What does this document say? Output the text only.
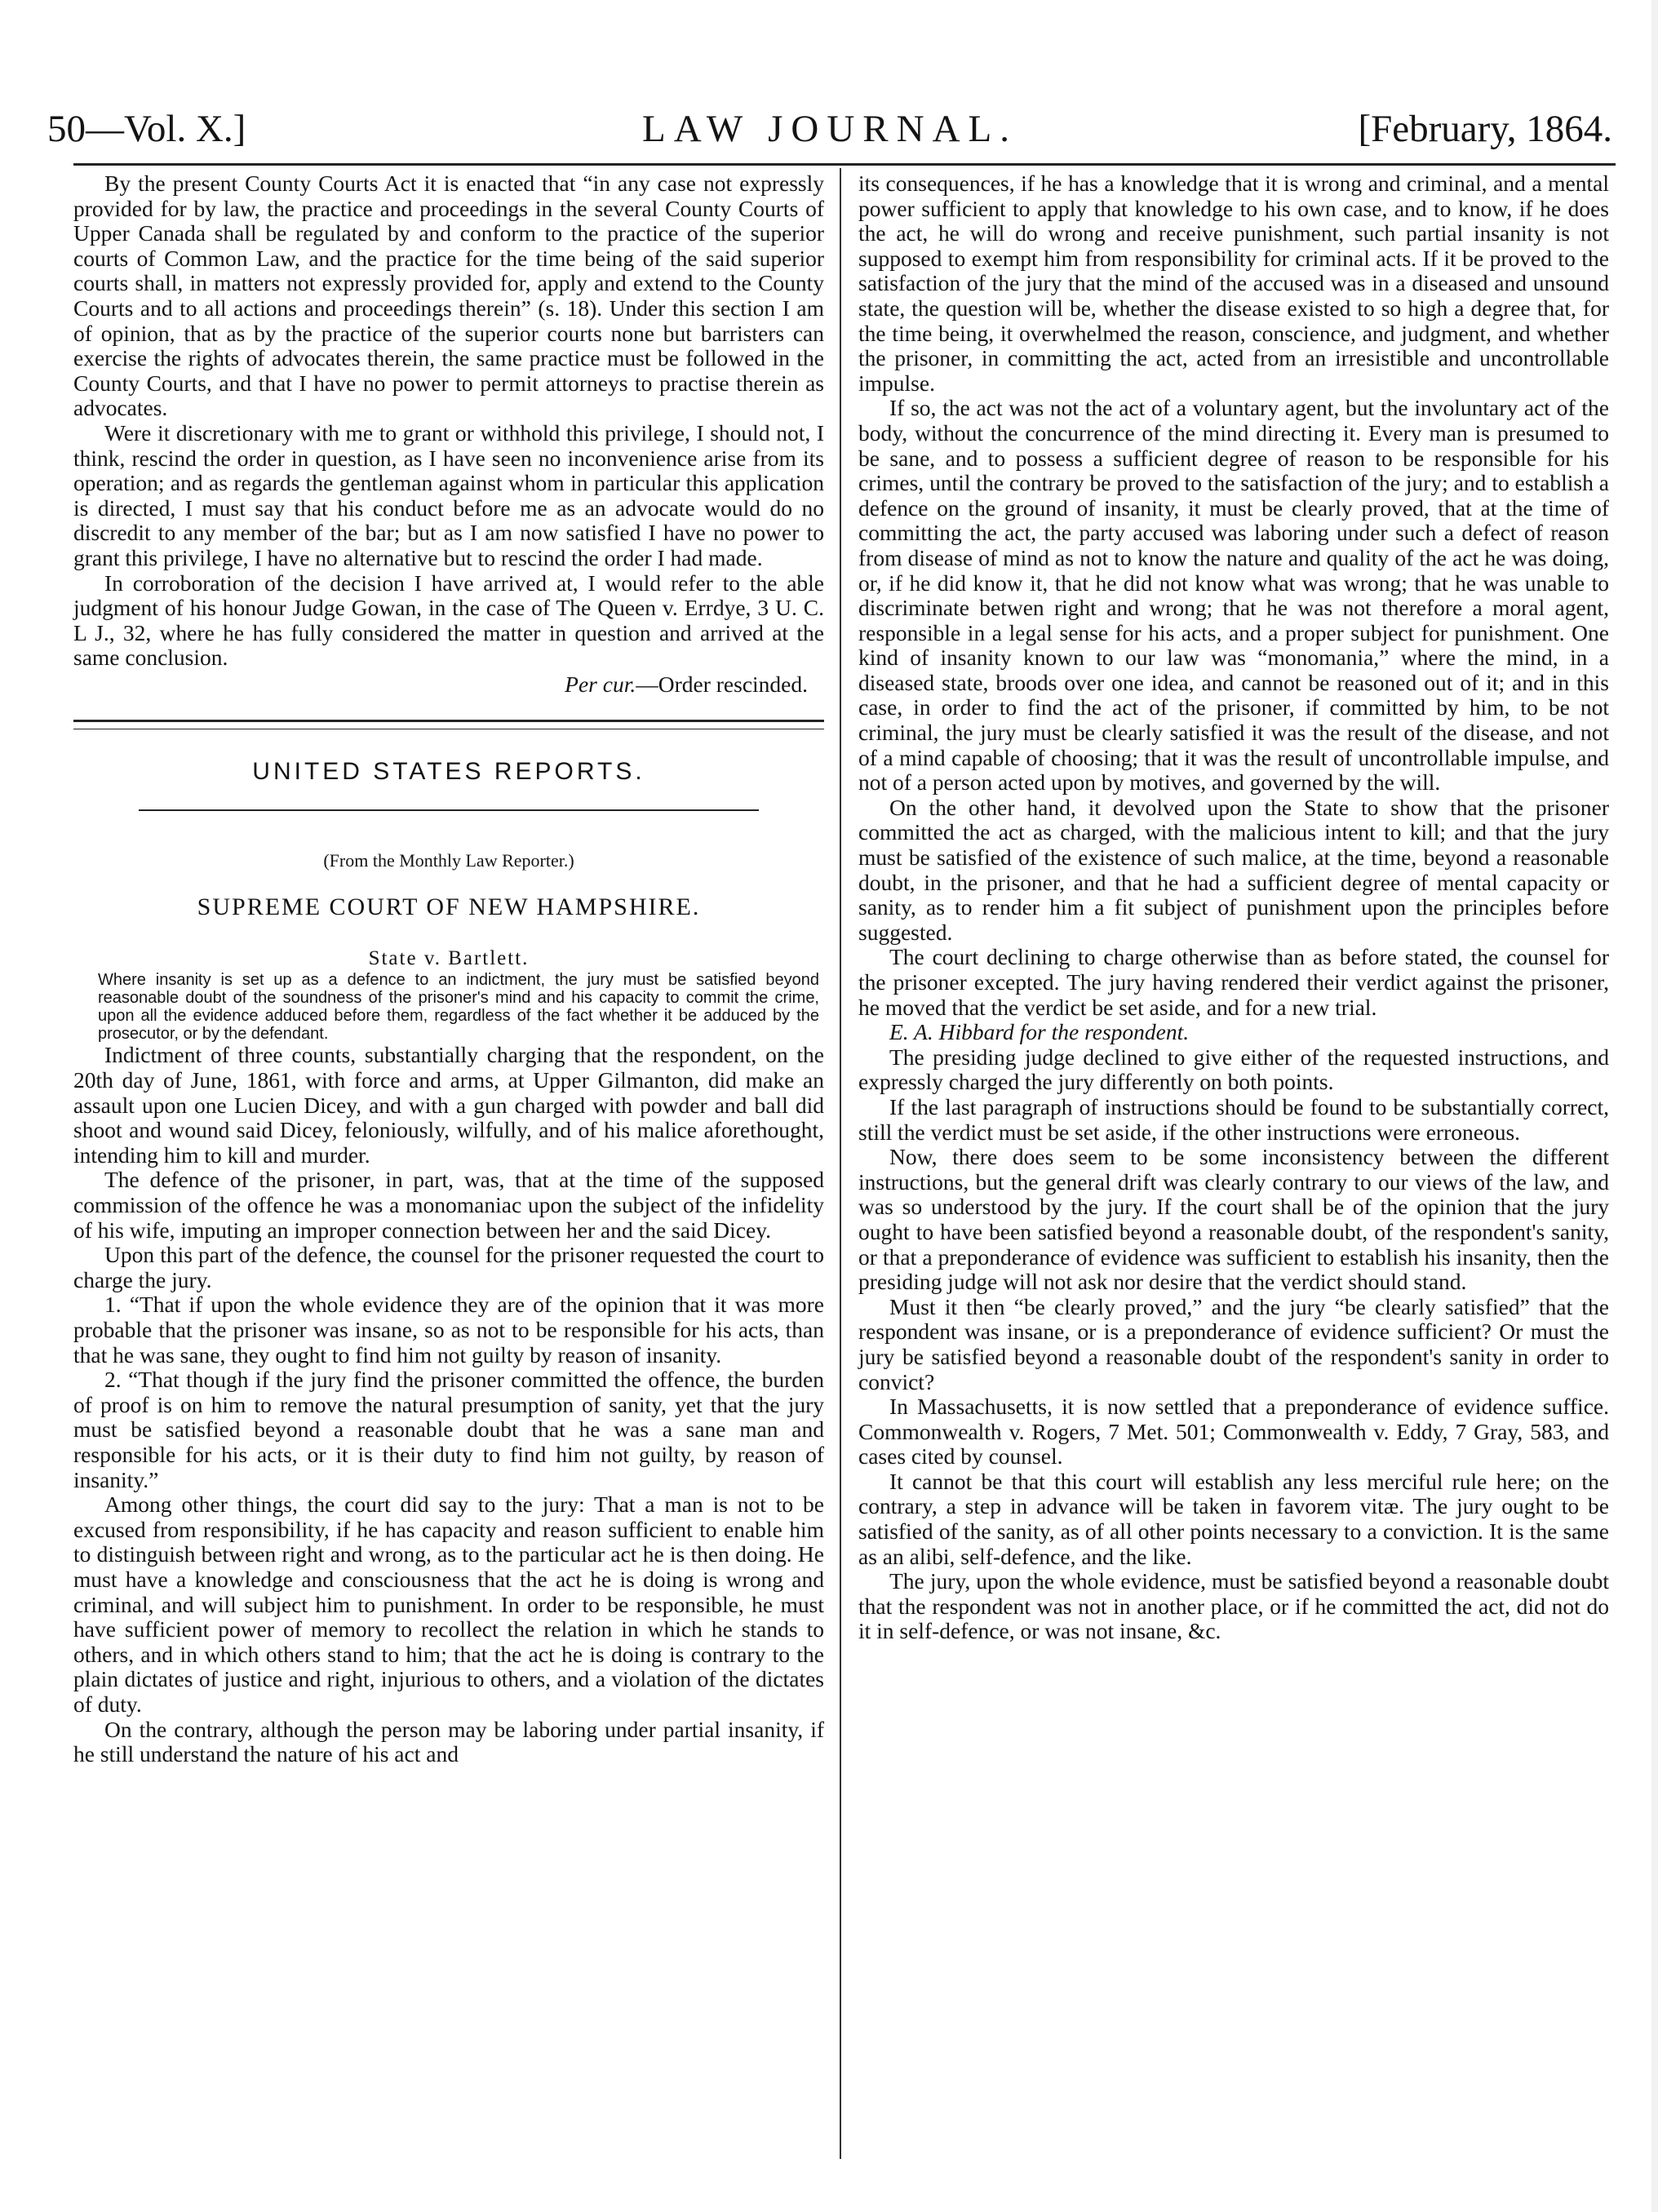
50—Vol. X.]	LAW JOURNAL.	[February, 1864.

By the present County Courts Act it is enacted that “in any case not expressly provided for by law, the practice and proceedings in the several County Courts of Upper Canada shall be regulated by and conform to the practice of the superior courts of Common Law, and the practice for the time being of the said superior courts shall, in matters not expressly provided for, apply and extend to the County Courts and to all actions and proceedings therein” (s. 18). Under this section I am of opinion, that as by the practice of the superior courts none but barristers can exercise the rights of advocates therein, the same practice must be followed in the County Courts, and that I have no power to permit attorneys to practise therein as advocates.

Were it discretionary with me to grant or withhold this privilege, I should not, I think, rescind the order in question, as I have seen no inconvenience arise from its operation; and as regards the gentleman against whom in particular this application is directed, I must say that his conduct before me as an advocate would do no discredit to any member of the bar; but as I am now satisfied I have no power to grant this privilege, I have no alternative but to rescind the order I had made.

In corroboration of the decision I have arrived at, I would refer to the able judgment of his honour Judge Gowan, in the case of The Queen v. Errdye, 3 U. C. L J., 32, where he has fully considered the matter in question and arrived at the same conclusion.

Per cur.—Order rescinded.
UNITED STATES REPORTS.
(From the Monthly Law Reporter.)
SUPREME COURT OF NEW HAMPSHIRE.
State v. Bartlett.

Where insanity is set up as a defence to an indictment, the jury must be satisfied beyond reasonable doubt of the soundness of the prisoner's mind and his capacity to commit the crime, upon all the evidence adduced before them, regardless of the fact whether it be adduced by the prosecutor, or by the defendant.

Indictment of three counts, substantially charging that the respondent, on the 20th day of June, 1861, with force and arms, at Upper Gilmanton, did make an assault upon one Lucien Dicey, and with a gun charged with powder and ball did shoot and wound said Dicey, feloniously, wilfully, and of his malice aforethought, intending him to kill and murder.

The defence of the prisoner, in part, was, that at the time of the supposed commission of the offence he was a monomaniac upon the subject of the infidelity of his wife, imputing an improper connection between her and the said Dicey.

Upon this part of the defence, the counsel for the prisoner requested the court to charge the jury.

1. “That if upon the whole evidence they are of the opinion that it was more probable that the prisoner was insane, so as not to be responsible for his acts, than that he was sane, they ought to find him not guilty by reason of insanity.

2. “That though if the jury find the prisoner committed the offence, the burden of proof is on him to remove the natural presumption of sanity, yet that the jury must be satisfied beyond a reasonable doubt that he was a sane man and responsible for his acts, or it is their duty to find him not guilty, by reason of insanity.”

Among other things, the court did say to the jury: That a man is not to be excused from responsibility, if he has capacity and reason sufficient to enable him to distinguish between right and wrong, as to the particular act he is then doing. He must have a knowledge and consciousness that the act he is doing is wrong and criminal, and will subject him to punishment. In order to be responsible, he must have sufficient power of memory to recollect the relation in which he stands to others, and in which others stand to him; that the act he is doing is contrary to the plain dictates of justice and right, injurious to others, and a violation of the dictates of duty.

On the contrary, although the person may be laboring under partial insanity, if he still understand the nature of his act and

its consequences, if he has a knowledge that it is wrong and criminal, and a mental power sufficient to apply that knowledge to his own case, and to know, if he does the act, he will do wrong and receive punishment, such partial insanity is not supposed to exempt him from responsibility for criminal acts. If it be proved to the satisfaction of the jury that the mind of the accused was in a diseased and unsound state, the question will be, whether the disease existed to so high a degree that, for the time being, it overwhelmed the reason, conscience, and judgment, and whether the prisoner, in committing the act, acted from an irresistible and uncontrollable impulse.

If so, the act was not the act of a voluntary agent, but the involuntary act of the body, without the concurrence of the mind directing it. Every man is presumed to be sane, and to possess a sufficient degree of reason to be responsible for his crimes, until the contrary be proved to the satisfaction of the jury; and to establish a defence on the ground of insanity, it must be clearly proved, that at the time of committing the act, the party accused was laboring under such a defect of reason from disease of mind as not to know the nature and quality of the act he was doing, or, if he did know it, that he did not know what was wrong; that he was unable to discriminate betwen right and wrong; that he was not therefore a moral agent, responsible in a legal sense for his acts, and a proper subject for punishment. One kind of insanity known to our law was “monomania,” where the mind, in a diseased state, broods over one idea, and cannot be reasoned out of it; and in this case, in order to find the act of the prisoner, if committed by him, to be not criminal, the jury must be clearly satisfied it was the result of the disease, and not of a mind capable of choosing; that it was the result of uncontrollable impulse, and not of a person acted upon by motives, and governed by the will.

On the other hand, it devolved upon the State to show that the prisoner committed the act as charged, with the malicious intent to kill; and that the jury must be satisfied of the existence of such malice, at the time, beyond a reasonable doubt, in the prisoner, and that he had a sufficient degree of mental capacity or sanity, as to render him a fit subject of punishment upon the principles before suggested.

The court declining to charge otherwise than as before stated, the counsel for the prisoner excepted. The jury having rendered their verdict against the prisoner, he moved that the verdict be set aside, and for a new trial.

E. A. Hibbard for the respondent.

The presiding judge declined to give either of the requested instructions, and expressly charged the jury differently on both points.

If the last paragraph of instructions should be found to be substantially correct, still the verdict must be set aside, if the other instructions were erroneous.

Now, there does seem to be some inconsistency between the different instructions, but the general drift was clearly contrary to our views of the law, and was so understood by the jury. If the court shall be of the opinion that the jury ought to have been satisfied beyond a reasonable doubt, of the respondent's sanity, or that a preponderance of evidence was sufficient to establish his insanity, then the presiding judge will not ask nor desire that the verdict should stand.

Must it then “be clearly proved,” and the jury “be clearly satisfied” that the respondent was insane, or is a preponderance of evidence sufficient? Or must the jury be satisfied beyond a reasonable doubt of the respondent's sanity in order to convict?

In Massachusetts, it is now settled that a preponderance of evidence suffice. Commonwealth v. Rogers, 7 Met. 501; Commonwealth v. Eddy, 7 Gray, 583, and cases cited by counsel.

It cannot be that this court will establish any less merciful rule here; on the contrary, a step in advance will be taken in favorem vitæ. The jury ought to be satisfied of the sanity, as of all other points necessary to a conviction. It is the same as an alibi, self-defence, and the like.

The jury, upon the whole evidence, must be satisfied beyond a reasonable doubt that the respondent was not in another place, or if he committed the act, did not do it in self-defence, or was not insane, &c.
